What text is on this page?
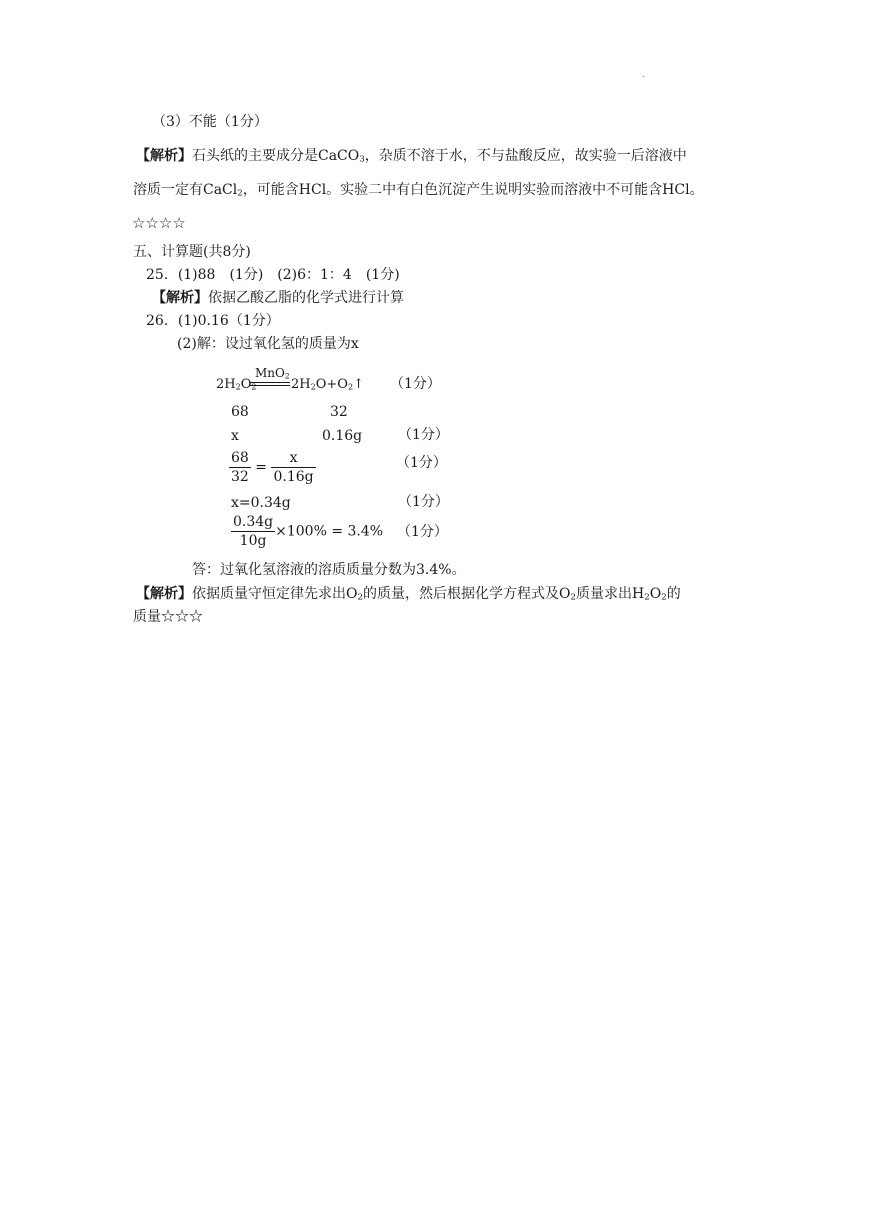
.
（3）不能（1分）
【解析】石头纸的主要成分是CaCO3，杂质不溶于水，不与盐酸反应，故实验一后溶液中
溶质一定有CaCl2，可能含HCl。实验二中有白色沉淀产生说明实验而溶液中不可能含HCl。
☆☆☆☆
五、计算题(共8分)
25．(1)88　(1分)　(2)6：1：4　(1分)
【解析】依据乙酸乙脂的化学式进行计算
26．(1)0.16（1分）
(2)解：设过氧化氢的质量为x
2H2O2
MnO2
2H2O+O2↑ （1分）
68	32
x	0.16g	（1分）
$\frac{68}{32} = \frac{x}{0.16g}$	（1分）
x=0.34g	（1分）
$\frac{0.34g}{10g} \times 100\% = 3.4\%$ （1分）
答：过氧化氢溶液的溶质质量分数为3.4%。
【解析】依据质量守恒定律先求出O2的质量，然后根据化学方程式及O2质量求出H2O2的
质量☆☆☆
